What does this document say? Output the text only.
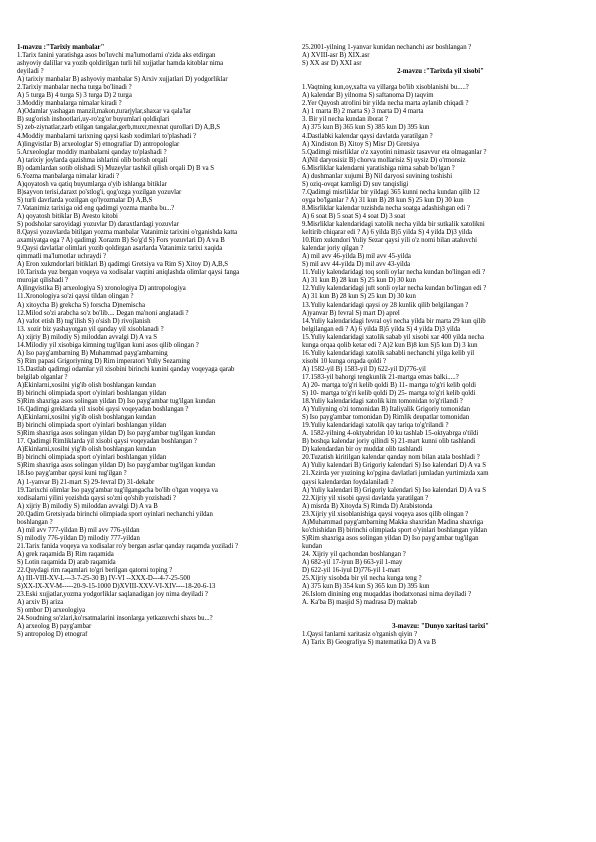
1-mavzu :"Tarixiy manbalar"
1.Tarix fanini yaratishga asos bo'luvchi ma'lumotlarni o'zida aks etdirgan
ashyoviy dalillar va yozib qoldirilgan turli hil xujjatlar hamda kitoblar nima
deyiladi ?
A) tarixiy manbalar B) ashyoviy manbalar S) Arxiv xujjatlari D) yodgorliklar
2.Tarixiy manbalar necha turga bo'linadi ?
A) 5 turga B) 4 turga S) 3 turga D) 2 turga
3.Moddiy manbalarga nimalar kiradi ?
A)Odamlar yashagan manzil,makon,turarjylar,shaxar va qala'lar
B) sug'orish inshootlari,uy-ro'zg'or buyumlari qoldiqlari
S) zeb-ziynatlar,zarb etilgan tangalar,gerb,muxr,mexnat qurollari D) A,B,S
4.Moddiy manbalarni tarixning qaysi kasb xodimlari to'plashadi ?
A)lingvistlar B) arxeologlar S) etnografiar D) antropologlar
5.Arxeologlar moddiy manbalarni qanday to'plashadi ?
A) tarixiy joylarda qazishma ishlarini olib borish orqali
B) odamlardan sotib olishadi S) Muzeylar tashkil qilish orqali D) B va S
6.Yozma manbalarga nimalar kiradi ?
A)qoyatosh va qatiq buyumlarga o'yib ishlanga bitiklar
B)sayvon terisi,daraxt po'stlog'i, qog'ozga yozilgan yozuvlar
S) turli davrlarda yozilgan qo'lyozmalar D) A,B,S
7.Vatanimiz tarixiga oid eng qadimgi yozma manba bu...?
A) qoyatosh bitiklar B) Avesto kitobi
S) podsholar saroyidagi yozuvlar D) daraxtlardagi yozuvlar
8.Qaysi yozuvlarda bitilgan yozma manbalar Vatanimiz tarixini o'rganishda katta
axamiyatga ega ? A) qadimgi Xorazm B) So'g'd S) Fors yozuvlari D) A va B
9.Qaysi davlatlar olimlari yozib qoldirgan asarlarda Vatanimiz tarixi xaqida
qimmatli ma'lumotlar uchraydi ?
A) Eron xukmdorlari bitiklari B) qadimgi Gretsiya va Rim S) Xitoy D) A,B,S
10.Tarixda yuz bergan voqeya va xodisalar vaqtini aniqlashda olimlar qaysi fanga
murojat qilishadi ?
A)lingvistika B) arxeologiya S) xronologiya D) antropologiya
11.Xronologiya so'zi qaysi tildan olingan ?
A) xitoycha B) grekcha S) forscha D)nemischa
12.Milod so'zi arabcha so'z bo'lib.... Degan ma'noni anglatadi ?
A) vafot etish B) tug'ilish S) o'sish D) rivojlanish
13. xozir biz yashayotgan yil qanday yil xisoblanadi ?
A) xijriy B) milodiy S) miloddan avvalgi D) A va S
14.Milodiy yil xisobiga kimning tug'ilgan kuni asos qilib olingan ?
A) Iso payg'ambarning B) Muhammad payg'ambarning
S) Rim papasi Grigoriyning D) Rim imperatori Yuliy Sezarning
15.Dastlab qadimgi odamlar yil xisobini birinchi kunini qanday voqeyaga qarab
belgilab olganlar ?
A)Ekinlarni,xosilni yig'ib olish boshlangan kundan
B) birinchi olimpiada sport o'yinlari boshlangan yildan
S)Rim shaxriga asos solingan yildan D) Iso payg'ambar tug'ilgan kundan
16.Qadimgi greklarda yil xisobi qaysi voqeyadan boshlangan ?
A)Ekinlarni,xosilni yig'ib olish boshlangan kundan
B) birinchi olimpiada sport o'yinlari boshlangan yildan
S)Rim shaxriga asos solingan yildan D) Iso payg'ambar tug'ilgan kundan
17. Qadimgi Rimliklarda yil xisobi qaysi voqeyadan boshlangan ?
A)Ekinlarni,xosilni yig'ib olish boshlangan kundan
B) birinchi olimpiada sport o'yinlari boshlangan yildan
S)Rim shaxriga asos solingan yildan D) Iso payg'ambar tug'ilgan kundan
18.Iso payg'ambar qaysi kuni tug'ilgan ?
A) 1-yanvar B) 21-mart S) 29-fevral D) 31-dekabr
19.Tarixchi olimlar Iso payg'ambar tug'ilgangacha bo'lib o'tgan voqeya va
xodisalarni yilini yozishda qaysi so'zni qo'shib yozishadi ?
A) xijriy B) milodiy S) miloddan avvalgi D) A va B
20.Qadim Gretsiyada birinchi olimpiada sport oyinlari nechanchi yildan
boshlangan ?
A) mil avv 777-yildan B) mil avv 776-yildan
S) milodiy 776-yildan D) milodiy 777-yildan
21.Tarix fanida voqeya va xodisalar ro'y bergan asrlar qanday raqamda yoziladi ?
A) grek raqamida B) Rim raqamida
S) Lotin raqamida D) arab raqamida
22.Quydagi rim raqamlari to'gri berilgan qatorni toping ?
A) III-VIII-XV-L---3-7-25-30 B) IV-VI --XXX-D---4-7-25-500
S)XX-IX-XV-M-----20-9-15-1000 D)XVIII-XXV-VI-XIV----18-20-6-13
23.Eski xujjatlar,yozma yodgorliklar saqlanadigan joy nima deyiladi ?
A) arxiv B) ariza
S) ombor D) arxeologiya
24.Soudning so'zlari,ko'rsatmalarini insonlarga yetkazuvchi shaxs bu...?
A) arxeolog B) payg'ambar
S) antropolog D) etnograf
25.2001-yilning 1-yanvar kunidan nechanchi asr boshlangan ?
A) XVIII-asr B) XIX.asr
S) XX asr D) XXI asr
2-mavzu :"Tarixda yil xisobi"
1.Vaqtning kun,oy,xafta va yillarga bo'lib xisoblanishi bu.....?
A) kalendar B) yilnoma S) saftanoma D) taqvim
2.Yer Quyosh atrofini bir yilda necha marta aylanib chiqadi ?
A) 1 marta B) 2 marta S) 3 marta D) 4 marta
3. Bir yil necha kundan iborat ?
A) 375 kun B) 365 kun S) 385 kun D) 395 kun
4.Dastlabki kalendar qaysi davlatda yaratilgan ?
A) Xindiston B) Xitoy S) Misr D) Gretsiya
5.Qadimgi misrliklar o'z xayotini nimasiz tasavvur eta olmaganlar ?
A)Nil daryosisiz B) chorva mollarisiz S) uysiz D) o'rmonsiz
6.Misrliklar kalendarni yaratishiga nima sabab bo'lgan ?
A) dushmanlar xujumi B) Nil daryosi suvining toshishi
S) oziq-ovqat kamligi D) suv tanqisligi
7.Qadimgi misrliklar bir yildagi 365 kunni necha kundan qilib 12
oyga bo'lganlar ? A) 31 kun B) 28 kun S) 25 kun D) 30 kun
8.Misrliklar kalendar tuzishda necha soatga adashishgan edi ?
A) 6 soat B) 5 soat S) 4 soat D) 3 soat
9.Misrliklar kalendaridagi xatolik necha yilda bir sutkalik xatolikni
keltirib chiqarar edi ? A) 6 yilda B)5 yilda S) 4 yilda D)3 yilda
10.Rim xukmdori Yuliy Sezar qaysi yili o'z nomi bilan ataluvchi
kalendar joriy qilgan ?
A) mil avv 46-yilda B) mil avv 45-yilda
S) mil avv 44-yilda D) mil avv 43-yilda
11.Yuliy kalendaridagi toq sonli oylar necha kundan bo'lingan edi ?
A) 31 kun B) 28 kun S) 25 kun D) 30 kun
12.Yuliy kalendaridagi juft sonli oylar necha kundan bo'lingan edi ?
A) 31 kun B) 28 kun S) 25 kun D) 30 kun
13.Yuliy kalendaridagi qaysi oy 28 kunlik qilib belgilangan ?
A)yanvar B) fevral S) mart D) aprel
14.Yuliy kalendaridagi fevral oyi necha yilda bir marta 29 kun qilib
belgilangan edi ? A) 6 yilda B)5 yilda S) 4 yilda D)3 yilda
15.Yuliy kalendaridagi xatolik sabab yil xisobi xar 400 yilda necha
kunga orqaa qolib ketar edi ? A)2 kun B)8 kun S)5 kun D) 3 kun
16.Yuliy kalendaridagi xatolik sababli nechanchi yilga kelib yil
xisobi 10 kunga orqada qoldi ?
A) 1582-yil B) 1583-yil D) 622-yil D)776-yil
17.1583-yil bahorgi tengkunlik 21-martga emas balki.....?
A) 20- martga to'g'ri kelib qoldi B) 11- martga to'g'ri kelib qoldi
S) 10- martga to'g'ri kelib qoldi D) 25- martga to'g'ri kelib qoldi
18.Yuliy kalendaridagi xatolik kim tomonidan to'g'rilandi ?
A) Yuliyning o'zi tomonidan B) Italiyalik Grigoriy tomonidan
S) Iso payg'ambar tomonidan D) Rimlik deupatlar tomonidan
19.Yuliy kalendaridagi xatolik qay tariqa to'g'rilandi ?
A. 1582-yilning 4-oktyabridan 10 ku tashlab 15-oktyabrga o'tildi
B) boshqa kalendar joriy qilindi S) 21-mart kunni olib tashlandi
D) kalendardan bir oy muddat olib tashlandi
20.Tuzatish kiritilgan kalendar qanday nom bilan atala boshladi ?
A) Yuliy kalendari B) Grigoriy kalendari S) Iso kalendari D) A va S
21.Xzirda yer yuzining ko'pgina davlatlari jumladan yurtimizda xam
qaysi kalendardan foydalaniladi ?
A) Yuliy kalendari B) Grigoriy kalendari S) Iso kalendari D) A va S
22.Xijriy yil xisobi qaysi davlatda yaratilgan ?
A) misrda B) Xitoyda S) Rimda D) Arabistonda
23.Xijriy yil xisoblanishiga qaysi voqeya asos qilib olingan ?
A)Muhammad payg'ambarning Makka shaxridan Madina shaxriga
ko'chishidan B) birinchi olimpiada sport o'yinlari boshlangan yildan
S)Rim shaxriga asos solingan yildan D) Iso payg'ambar tug'ilgan
kundan
24. Xijriy yil qachondan boshlangan ?
A) 682-yil 17-iyun B) 663-yil 1-may
D) 622-yil 16-iyul D)776-yil 1-mart
25.Xijriy xisobda bir yil necha kunga teng ?
A) 375 kun B) 354 kun S) 365 kun D) 395 kun
26.Islom dinining eng muqaddas ibodatxonasi nima deyiladi ?
A. Ka'ba B) masjid S) madrasa D) maktab
3-mavzu: "Dunyo xaritasi tarixi"
1.Qaysi fanlarni xaritasiz o'rganish qiyin ?
A) Tarix B) Geografiya S) matematika D) A va B
